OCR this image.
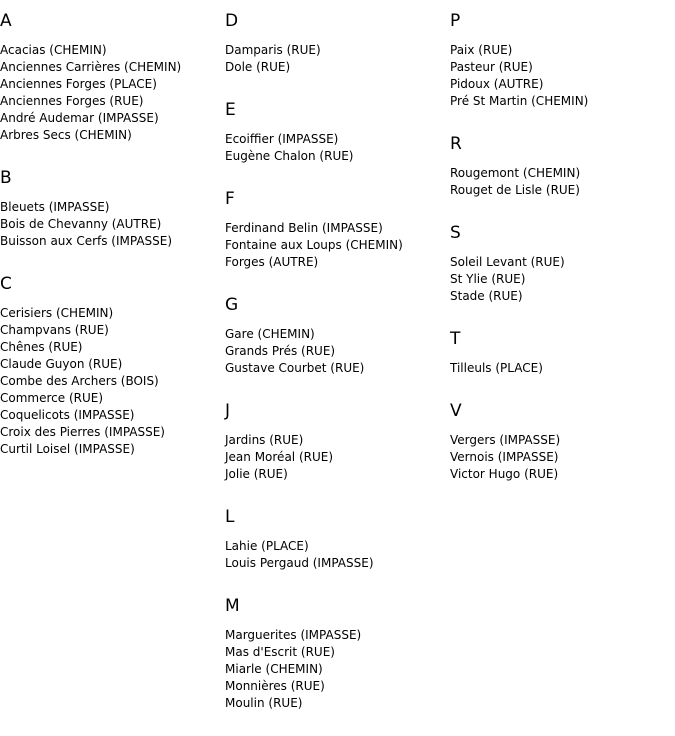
A
Acacias (CHEMIN)
Anciennes Carrières (CHEMIN)
Anciennes Forges (PLACE)
Anciennes Forges (RUE)
André Audemar (IMPASSE)
Arbres Secs (CHEMIN)
B
Bleuets (IMPASSE)
Bois de Chevanny (AUTRE)
Buisson aux Cerfs (IMPASSE)
C
Cerisiers (CHEMIN)
Champvans (RUE)
Chênes (RUE)
Claude Guyon (RUE)
Combe des Archers (BOIS)
Commerce (RUE)
Coquelicots (IMPASSE)
Croix des Pierres (IMPASSE)
Curtil Loisel (IMPASSE)
D
Damparis (RUE)
Dole (RUE)
E
Ecoiffier (IMPASSE)
Eugène Chalon (RUE)
F
Ferdinand Belin (IMPASSE)
Fontaine aux Loups (CHEMIN)
Forges (AUTRE)
G
Gare (CHEMIN)
Grands Prés (RUE)
Gustave Courbet (RUE)
J
Jardins (RUE)
Jean Moréal (RUE)
Jolie (RUE)
L
Lahie (PLACE)
Louis Pergaud (IMPASSE)
M
Marguerites (IMPASSE)
Mas d'Escrit (RUE)
Miarle (CHEMIN)
Monnières (RUE)
Moulin (RUE)
P
Paix (RUE)
Pasteur (RUE)
Pidoux (AUTRE)
Pré St Martin (CHEMIN)
R
Rougemont (CHEMIN)
Rouget de Lisle (RUE)
S
Soleil Levant (RUE)
St Ylie (RUE)
Stade (RUE)
T
Tilleuls (PLACE)
V
Vergers (IMPASSE)
Vernois (IMPASSE)
Victor Hugo (RUE)
